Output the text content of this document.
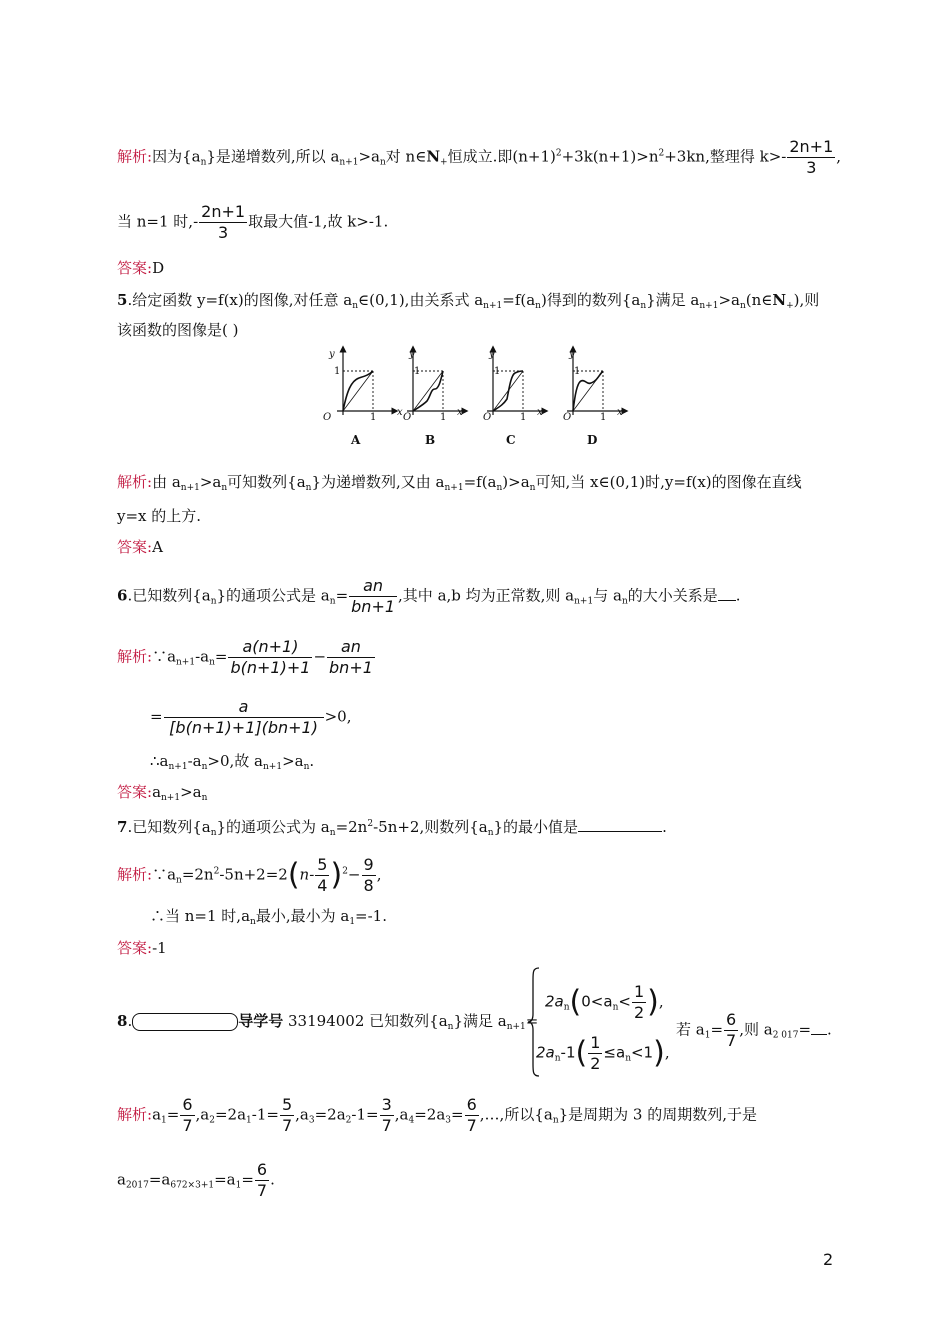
解析:因为$\{a_n\}$是递增数列,所以 $a_{n+1}>a_n$对 $n\in N_+$恒成立.即$(n+1)^2+3k(n+1)>n^2+3kn$,整理得 $k>- \frac{2n+1}{3}$ ,
当 n=1 时,- $\frac{2n+1}{3}$ 取最大值-1,故 k>-1.
答案:D
5.给定函数 y=f(x)的图像,对任意 $a_n\in(0,1)$,由关系式 $a_{n+1}=f(a_n)$得到的数列$\{a_n\}$满足 $a_{n+1}>a_n(n\in N_+)$,则
该函数的图像是( )
y
x
y
x
y
x
y
x
O	O	O	O
1	1	1	1
1	1	1	1
A	B	C	D
解析:由 $a_{n+1}>a_n$可知数列$\{a_n\}$为递增数列,又由 $a_{n+1}=f(a_n)>a_n$可知,当 x∈(0,1)时,y=f(x)的图像在直线
y=x 的上方.
答案:A
6.已知数列$\{a_n\}$的通项公式是 $a_n= \frac{an}{bn+1}$ ,其中 a,b 均为正常数,则 $a_{n+1}$与 $a_n$的大小关系是 .
解析$:\because a_{n+1}-a_n= \frac{a(n+1)}{b(n+1)+1} - \frac{an}{bn+1}$
= $\frac{a}{[b(n+1)+1](bn+1)} >0$,
$\therefore a_{n+1}-a_n>0$,故 $a_{n+1}>a_n$.
答案$:a_{n+1}>a_n$
7.已知数列$\{a_n\}$的通项公式为 $a_n=2n^2-5n+2$,则数列$\{a_n\}$的最小值是	.
解析$:\because a_n=2n^2-5n+2=2(n- \frac{5}{4} )^2- \frac{9}{8}$ ,
∴当 n=1 时$,a_n$最小,最小为 $a_1=-1$.
答案:-1
8.	导学号 33194002 已知数列$\{a_n\}$满足 $a_{n+1}=$
$2a_n(0<a_n< \frac{1}{2}$ ),
$2a_n-1( \frac{1}{2} \le a_n<1)$,
若 $a_1= \frac{6}{7}$ ,则 $a_{2 017}=$ .
解析$:a_1= \frac{6}{7} ,a_2=2a_1-1= \frac{5}{7} ,a_3=2a_2-1= \frac{3}{7} ,a_4=2a_3= \frac{6}{7}$ ,…,所以$\{a_n\}$是周期为 3 的周期数列,于是
$a_{2017}=a_{672\times 3+1}=a_1= \frac{6}{7}$ .
2
